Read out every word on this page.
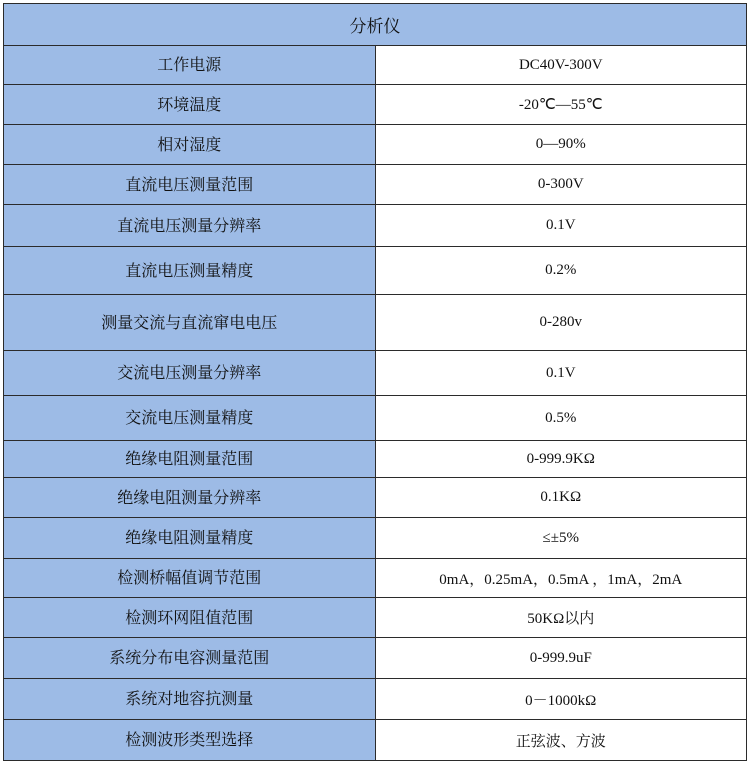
分析仪	
工作电源	DC40V-300V
环境温度	-20℃—55℃
相对湿度	0—90%
直流电压测量范围	0-300V
直流电压测量分辨率	0.1V
直流电压测量精度	0.2%
测量交流与直流窜电电压	0-280v
交流电压测量分辨率	0.1V
交流电压测量精度	0.5%
绝缘电阻测量范围	0-999.9KΩ
绝缘电阻测量分辨率	0.1KΩ
绝缘电阻测量精度	≤±5%
检测桥幅值调节范围	0mA，0.25mA，0.5mA ，1mA，2mA
检测环网阻值范围	50KΩ以内
系统分布电容测量范围	0-999.9uF
系统对地容抗测量	0－1000kΩ
检测波形类型选择	正弦波、方波
